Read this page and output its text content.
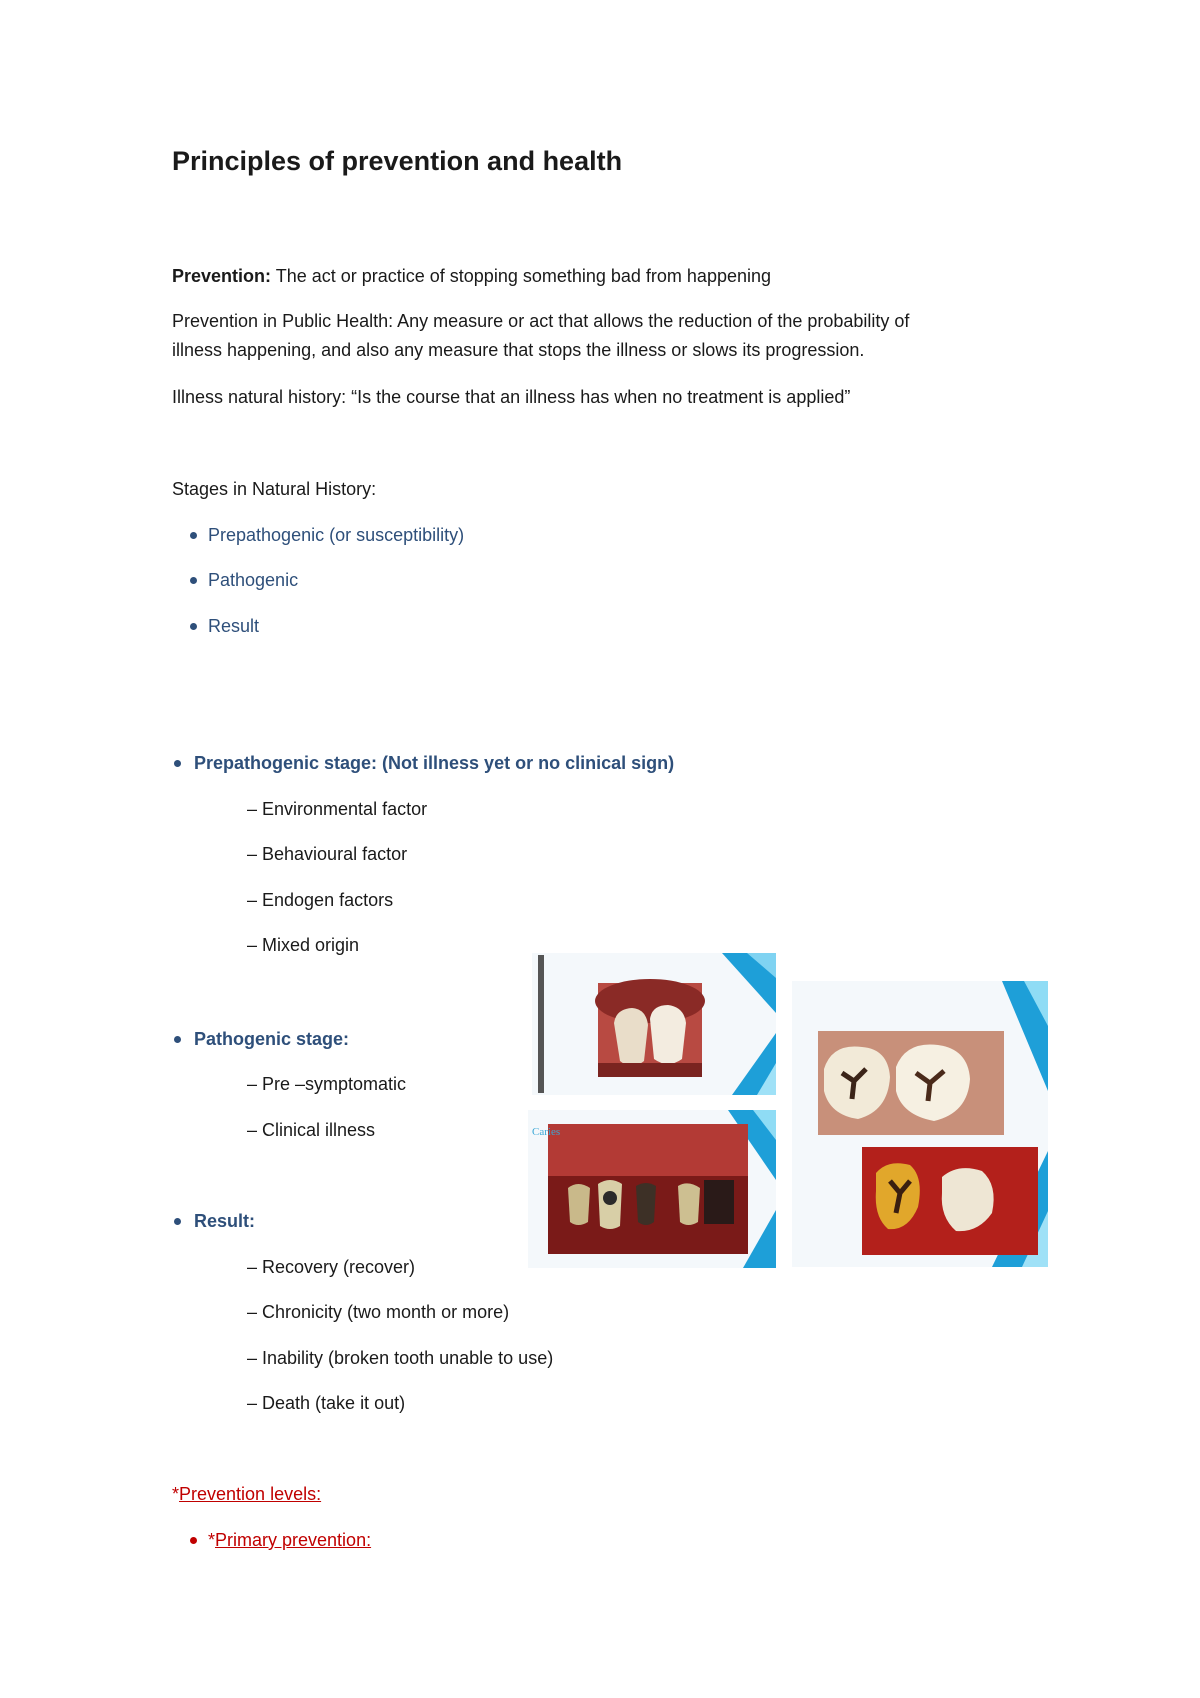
Principles of prevention and health

Prevention: The act or practice of stopping something bad from happening

Prevention in Public Health: Any measure or act that allows the reduction of the probability of

illness happening, and also any measure that stops the illness or slows its progression.

Illness natural history: “Is the course that an illness has when no treatment is applied”

Stages in Natural History:

Prepathogenic (or susceptibility)

Pathogenic

Result

Prepathogenic stage: (Not illness yet or no clinical sign)

– Environmental factor

– Behavioural factor

– Endogen factors

– Mixed origin

Pathogenic stage:

– Pre –symptomatic

– Clinical illness

Result:

– Recovery (recover)

– Chronicity (two month or more)

– Inability (broken tooth unable to use)

– Death (take it out)

*Prevention levels:

*Primary prevention:

Caries
